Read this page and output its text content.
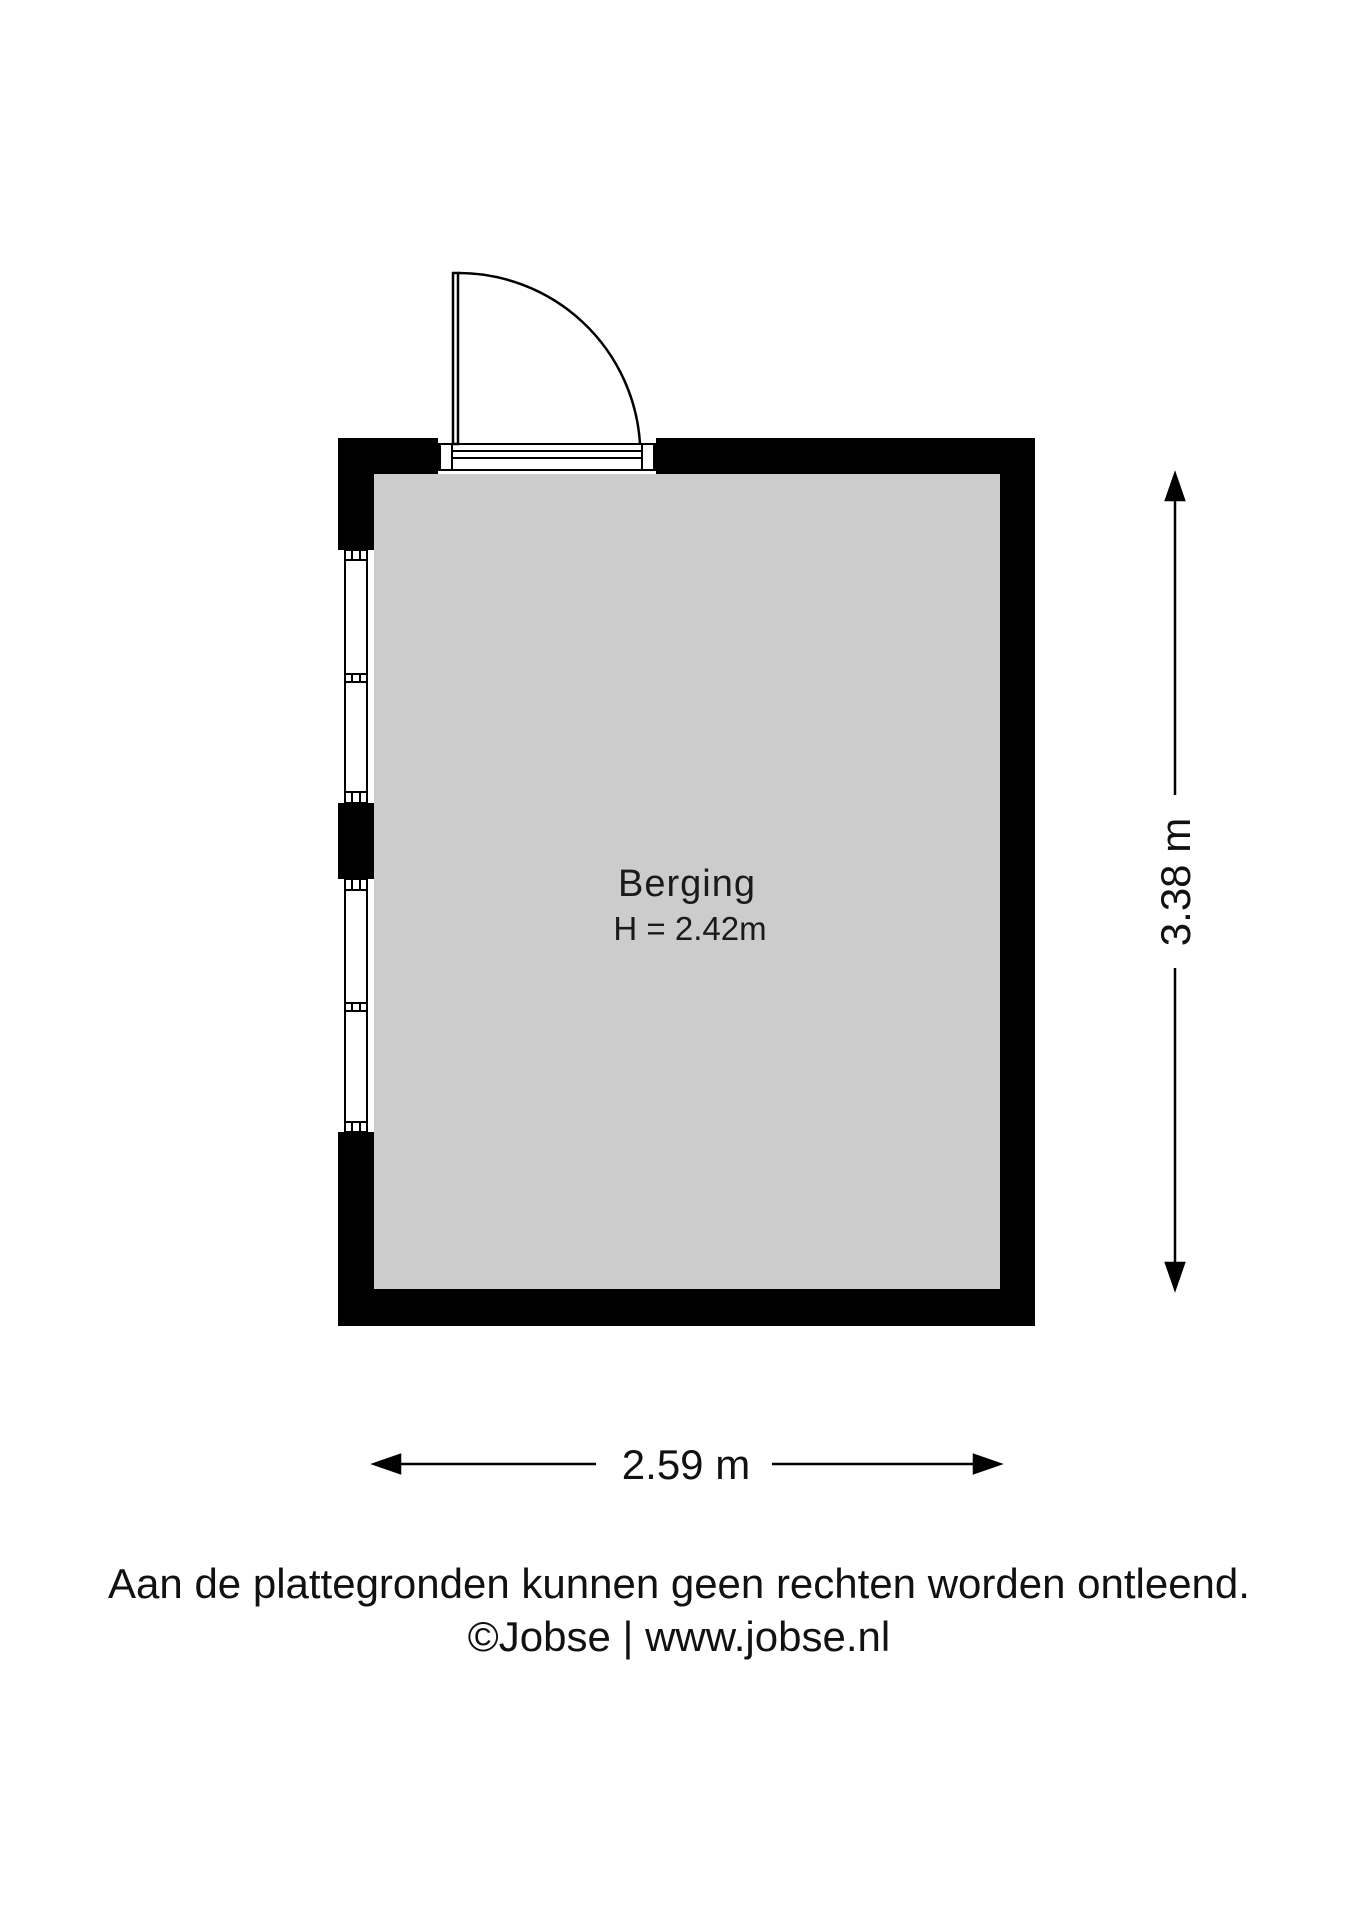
Berging
H = 2.42m
2.59 m
3.38 m

Aan de plattegronden kunnen geen rechten worden ontleend.

©Jobse | www.jobse.nl
